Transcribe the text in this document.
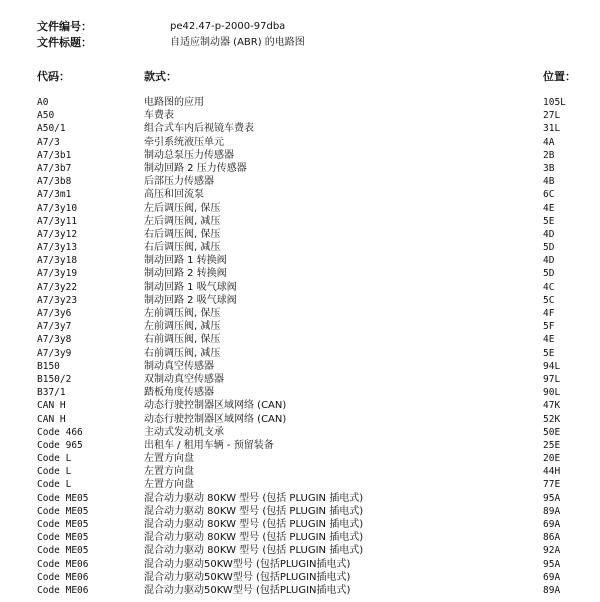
文件编号：	pe42.47-p-2000-97dba
文件标题：	自适应制动器 (ABR) 的电路图
代码：	款式：	位置：
A0	电路图的应用	105L
A50	车费表	27L
A50/1	组合式车内后视镜车费表	31L
A7/3	牵引系统液压单元	4A
A7/3b1	制动总泵压力传感器	2B
A7/3b7	制动回路 2 压力传感器	3B
A7/3b8	后部压力传感器	4B
A7/3m1	高压和回流泵	6C
A7/3y10	左后调压阀, 保压	4E
A7/3y11	左后调压阀, 减压	5E
A7/3y12	右后调压阀, 保压	4D
A7/3y13	右后调压阀, 减压	5D
A7/3y18	制动回路 1 转换阀	4D
A7/3y19	制动回路 2 转换阀	5D
A7/3y22	制动回路 1 吸气球阀	4C
A7/3y23	制动回路 2 吸气球阀	5C
A7/3y6	左前调压阀, 保压	4F
A7/3y7	左前调压阀, 减压	5F
A7/3y8	右前调压阀, 保压	4E
A7/3y9	右前调压阀, 减压	5E
B150	制动真空传感器	94L
B150/2	双制动真空传感器	97L
B37/1	踏板角度传感器	90L
CAN H	动态行驶控制器区域网络 (CAN)	47K
CAN H	动态行驶控制器区域网络 (CAN)	52K
Code 466	主动式发动机支承	50E
Code 965	出租车 / 租用车辆 - 预留装备	25E
Code L	左置方向盘	20E
Code L	左置方向盘	44H
Code L	左置方向盘	77E
Code ME05	混合动力驱动 80KW 型号 (包括 PLUGIN 插电式)	95A
Code ME05	混合动力驱动 80KW 型号 (包括 PLUGIN 插电式)	89A
Code ME05	混合动力驱动 80KW 型号 (包括 PLUGIN 插电式)	69A
Code ME05	混合动力驱动 80KW 型号 (包括 PLUGIN 插电式)	86A
Code ME05	混合动力驱动 80KW 型号 (包括 PLUGIN 插电式)	92A
Code ME06	混合动力驱动50KW型号 (包括PLUGIN插电式)	95A
Code ME06	混合动力驱动50KW型号 (包括PLUGIN插电式)	69A
Code ME06	混合动力驱动50KW型号 (包括PLUGIN插电式)	89A
